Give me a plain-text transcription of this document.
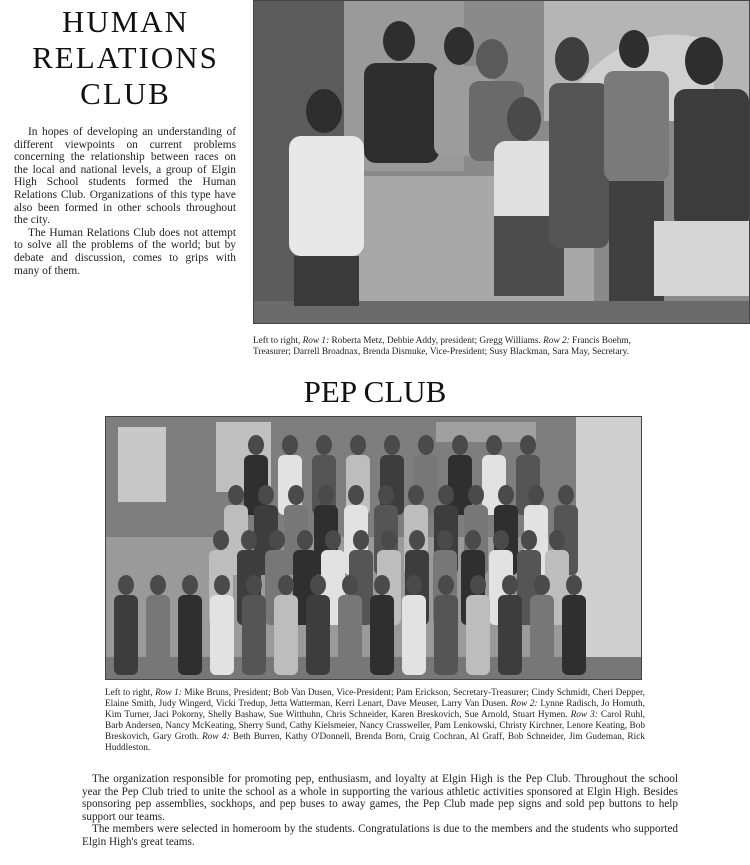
HUMAN
RELATIONS
CLUB

In hopes of developing an understanding of different viewpoints on current problems concerning the relationship between races on the local and national levels, a group of Elgin High School students formed the Human Relations Club. Organizations of this type have also been formed in other schools throughout the city.

The Human Relations Club does not attempt to solve all the problems of the world; but by debate and discussion, comes to grips with many of them.

Left to right, Row 1: Roberta Metz, Debbie Addy, president; Gregg Williams. Row 2: Francis Boehm, Treasurer; Darrell Broadnax, Brenda Dismuke, Vice-President; Susy Blackman, Sara May, Secretary.
PEP CLUB
Left to right, Row 1: Mike Bruns, President; Bob Van Dusen, Vice-President; Pam Erickson, Secretary-Treasurer; Cindy Schmidt, Cheri Depper, Elaine Smith, Judy Wingerd, Vicki Tredup, Jetta Watterman, Kerri Lenart, Dave Meuser, Larry Van Dusen. Row 2: Lynne Radisch, Jo Homuth, Kim Turner, Jaci Pokorny, Shelly Bashaw, Sue Witthuhn, Chris Schneider, Karen Breskovich, Sue Arnold, Stuart Hymen. Row 3: Carol Ruhl, Barb Andersen, Nancy McKeating, Sherry Sund, Cathy Kielsmeier, Nancy Crassweller, Pam Lenkowski, Christy Kirchner, Lenore Keating, Bob Breskovich, Gary Groth. Row 4: Beth Burren, Kathy O'Donnell, Brenda Born, Craig Cochran, Al Graff, Bob Schneider, Jim Gudeman, Rick Huddleston.

The organization responsible for promoting pep, enthusiasm, and loyalty at Elgin High is the Pep Club. Throughout the school year the Pep Club tried to unite the school as a whole in supporting the various athletic activities sponsored at Elgin High. Besides sponsoring pep assemblies, sockhops, and pep buses to away games, the Pep Club made pep signs and sold pep buttons to help support our teams.

The members were selected in homeroom by the students. Congratulations is due to the members and the students who supported Elgin High's great teams.
